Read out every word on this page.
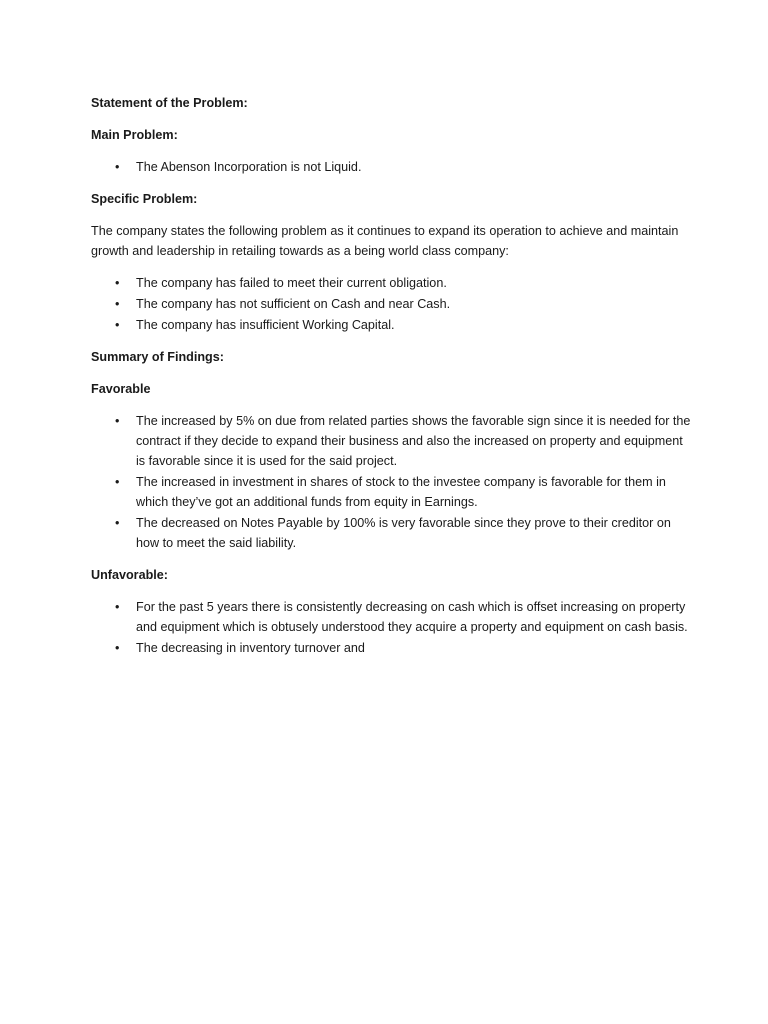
Statement of the Problem:

Main Problem:

•	The Abenson Incorporation is not Liquid.

Specific Problem:

The company states the following problem as it continues to expand its operation to achieve and maintain growth and leadership in retailing towards as a being world class company:

•	The company has failed to meet their current obligation.
•	The company has not sufficient on Cash and near Cash.
•	The company has insufficient Working Capital.

Summary of Findings:

Favorable

•	The increased by 5% on due from related parties shows the favorable sign since it is needed for the contract if they decide to expand their business and also the increased on property and equipment is favorable since it is used for the said project.
•	The increased in investment in shares of stock to the investee company is favorable for them in which they’ve got an additional funds from equity in Earnings.
•	The decreased on Notes Payable by 100% is very favorable since they prove to their creditor on how to meet the said liability.

Unfavorable:

•	For the past 5 years there is consistently decreasing on cash which is offset increasing on property and equipment which is obtusely understood they acquire a property and equipment on cash basis.
•	The decreasing in inventory turnover and
